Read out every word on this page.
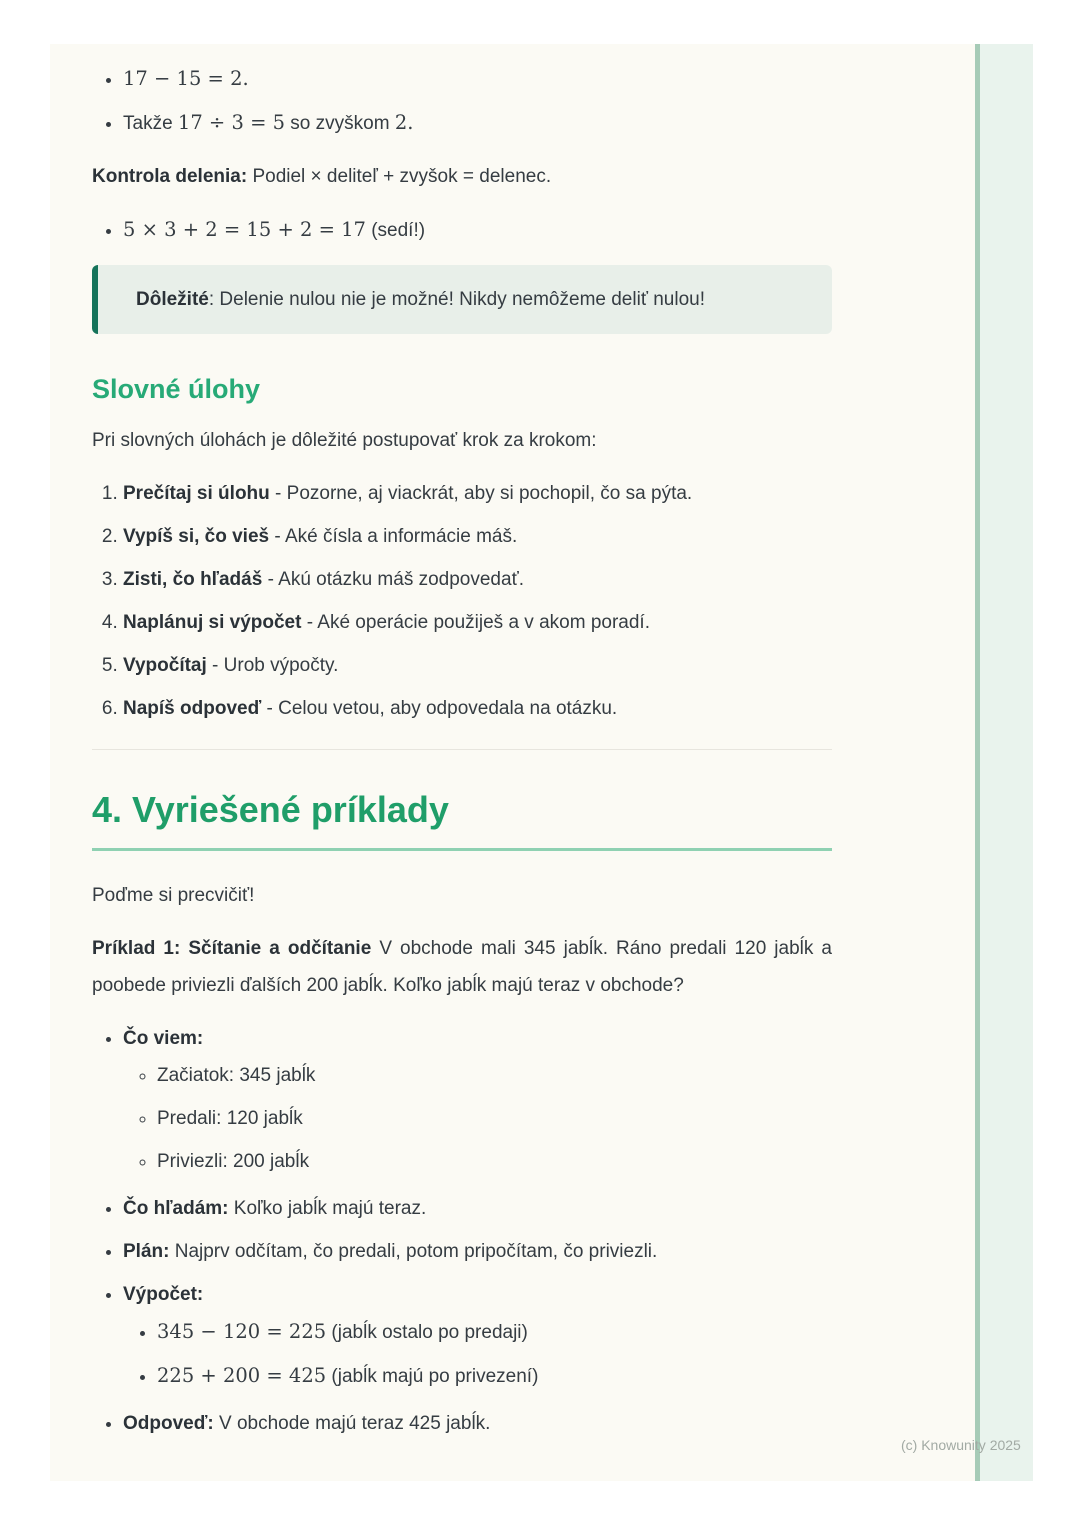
• 17 − 15 = 2.
• Takže 17 ÷ 3 = 5 so zvyškom 2.

Kontrola delenia: Podiel × deliteľ + zvyšok = delenec.

• 5 × 3 + 2 = 15 + 2 = 17 (sedí!)
Dôležité: Delenie nulou nie je možné! Nikdy nemôžeme deliť nulou!
Slovné úlohy

Pri slovných úlohách je dôležité postupovať krok za krokom:

1. Prečítaj si úlohu - Pozorne, aj viackrát, aby si pochopil, čo sa pýta.
2. Vypíš si, čo vieš - Aké čísla a informácie máš.
3. Zisti, čo hľadáš - Akú otázku máš zodpovedať.
4. Naplánuj si výpočet - Aké operácie použiješ a v akom poradí.
5. Vypočítaj - Urob výpočty.
6. Napíš odpoveď - Celou vetou, aby odpovedala na otázku.
4. Vyriešené príklady

Poďme si precvičiť!

Príklad 1: Sčítanie a odčítanie V obchode mali 345 jabĺk. Ráno predali 120 jabĺk a poobede priviezli ďalších 200 jabĺk. Koľko jabĺk majú teraz v obchode?

• Čo viem:
◦ Začiatok: 345 jabĺk
◦ Predali: 120 jabĺk
◦ Priviezli: 200 jabĺk
• Čo hľadám: Koľko jabĺk majú teraz.
• Plán: Najprv odčítam, čo predali, potom pripočítam, čo priviezli.
• Výpočet:
• 345 − 120 = 225 (jabĺk ostalo po predaji)
• 225 + 200 = 425 (jabĺk majú po privezení)
• Odpoveď: V obchode majú teraz 425 jabĺk.
(c) Knowunity 2025
